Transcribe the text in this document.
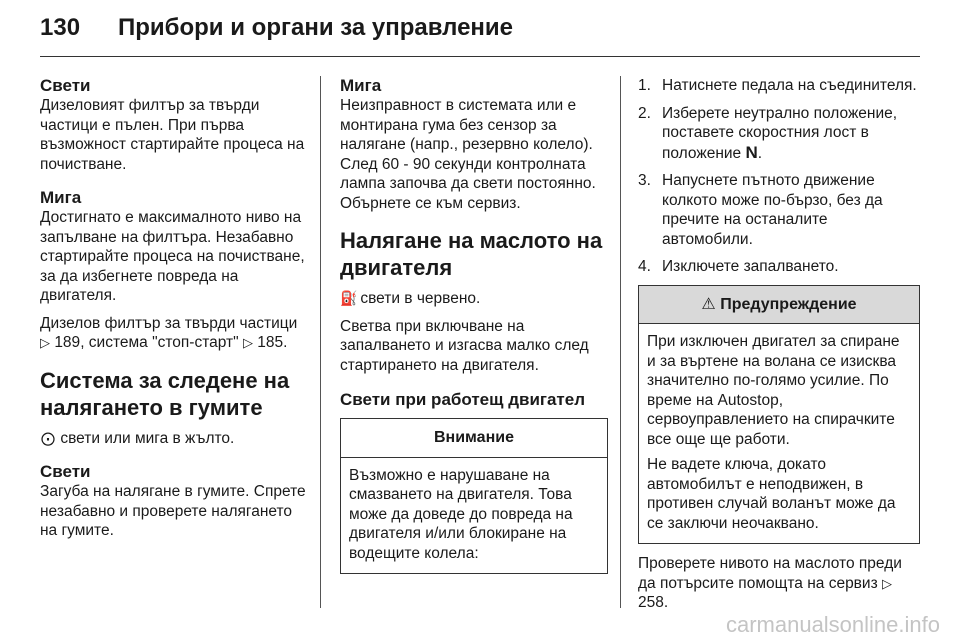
130 Прибори и органи за управление
Свети

Дизеловият филтър за твърди частици е пълен. При първа възможност стартирайте процеса на почистване.

Мига

Достигнато е максималното ниво на запълване на филтъра. Незабавно стартирайте процеса на почистване, за да избегнете повреда на двигателя.

Дизелов филтър за твърди частици ▷ 189, система "стоп-старт" ▷ 185.

Система за следене на налягането в гумите

⨀ свети или мига в жълто.

Свети

Загуба на налягане в гумите. Спрете незабавно и проверете налягането на гумите.

Мига

Неизправност в системата или е монтирана гума без сензор за налягане (напр., резервно колело). След 60 - 90 секунди контролната лампа започва да свети постоянно. Обърнете се към сервиз.

Налягане на маслото на двигателя

⛽ свети в червено.

Светва при включване на запалването и изгасва малко след стартирането на двигателя.

Свети при работещ двигател
Внимание

Възможно е нарушаване на смазването на двигателя. Това може да доведе до повреда на двигателя и/или блокиране на водещите колела:

1. Натиснете педала на съединителя.
2. Изберете неутрално положение, поставете скоростния лост в положение N.
3. Напуснете пътното движение колкото може по-бързо, без да пречите на останалите автомобили.
4. Изключете запалването.
⚠ Предупреждение

При изключен двигател за спиране и за въртене на волана се изисква значително по-голямо усилие. По време на Autostop, сервоуправлението на спирачките все още ще работи.

Не вадете ключа, докато автомобилът е неподвижен, в противен случай воланът може да се заключи неочаквано.

Проверете нивото на маслото преди да потърсите помощта на сервиз ▷ 258.

carmanualsonline.info
